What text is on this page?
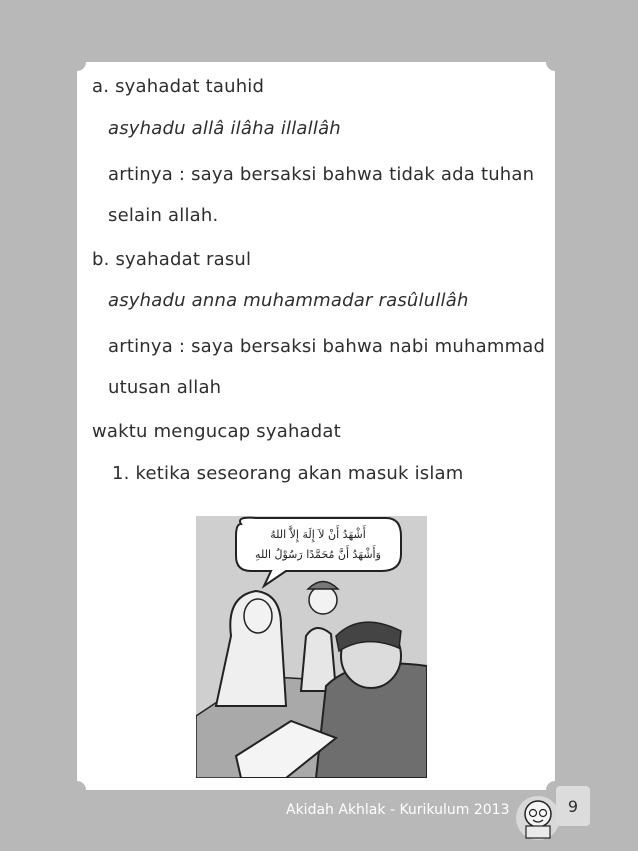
a. syahadat tauhid
asyhadu allâ ilâha illallâh
artinya : saya bersaksi bahwa tidak ada tuhan
selain allah.
b. syahadat rasul
asyhadu anna muhammadar rasûlullâh
artinya : saya bersaksi bahwa nabi muhammad
utusan allah
waktu mengucap syahadat
1. ketika seseorang akan masuk islam
أَشْهَدُ أَنْ لاَ إِلَهَ إِلاَّ اللهُ
وَأَشْهَدُ أَنَّ مُحَمَّدًا رَسُوْلُ اللهِ
Akidah Akhlak - Kurikulum 2013	9
